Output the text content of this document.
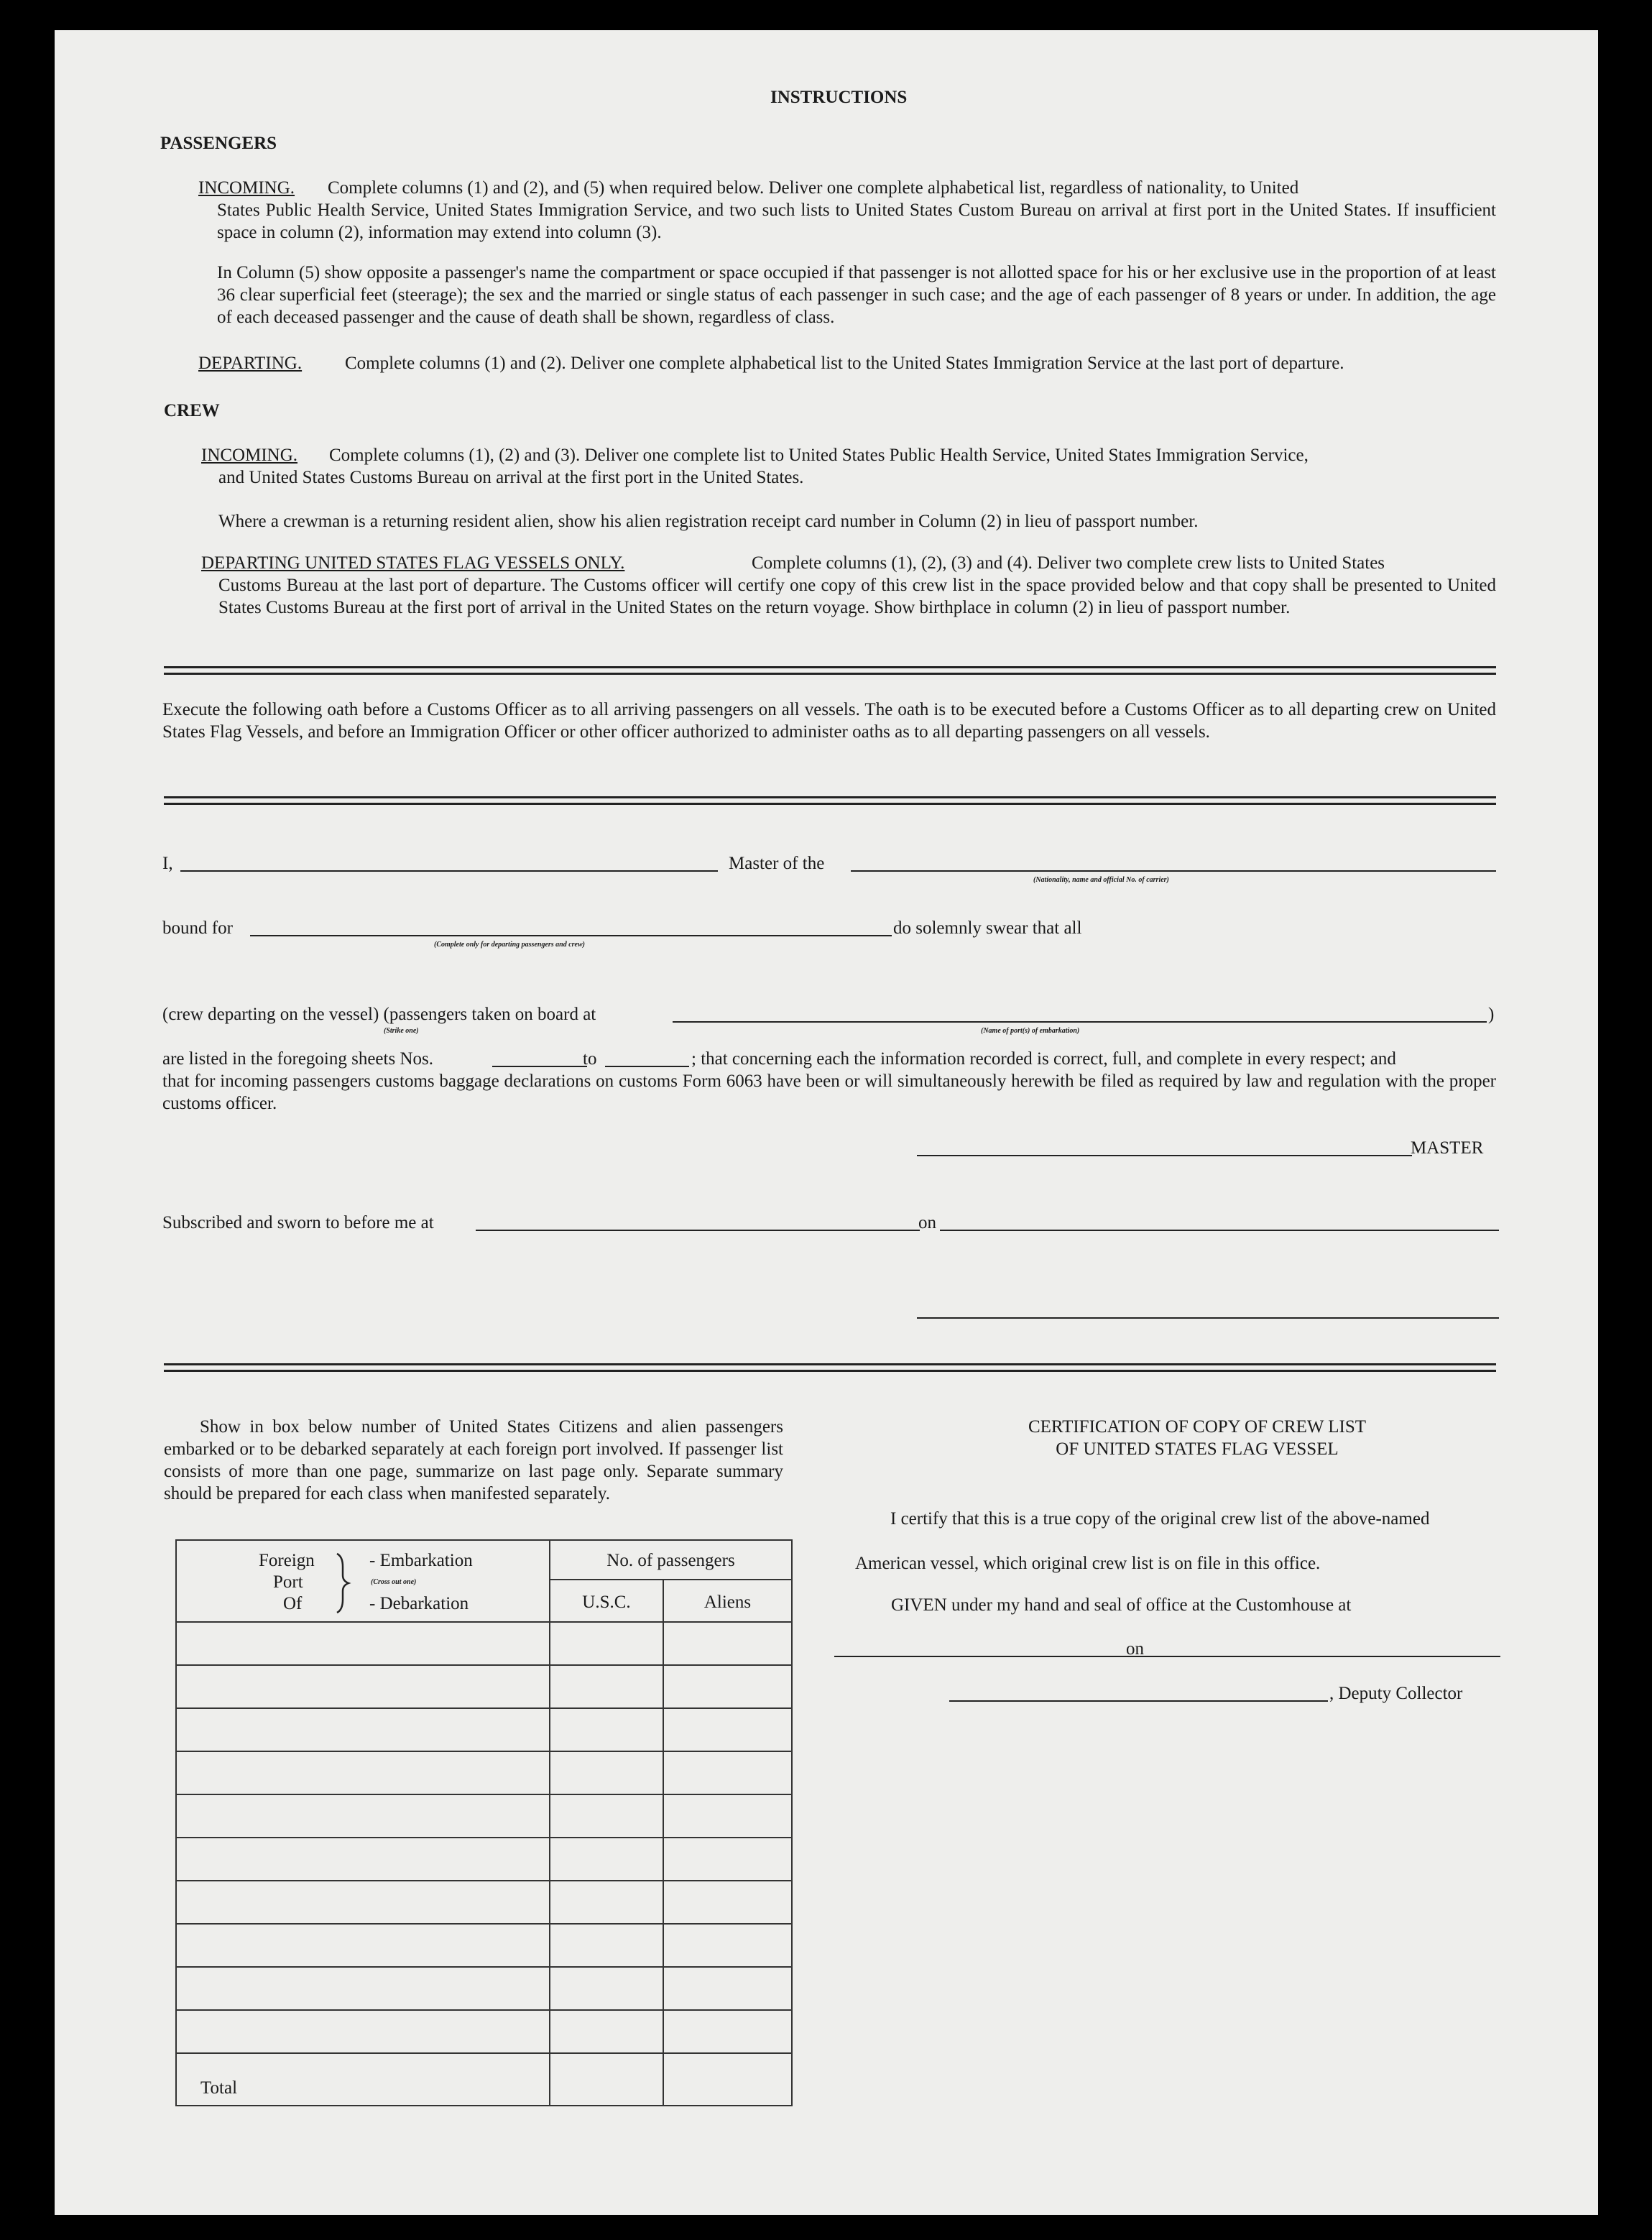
INSTRUCTIONS
PASSENGERS
INCOMING. Complete columns (1) and (2), and (5) when required below. Deliver one complete alphabetical list, regardless of nationality, to United
States Public Health Service, United States Immigration Service, and two such lists to United States Custom Bureau on arrival at first port in the United States. If insufficient space in column (2), information may extend into column (3).
In Column (5) show opposite a passenger's name the compartment or space occupied if that passenger is not allotted space for his or her exclusive use in the proportion of at least 36 clear superficial feet (steerage); the sex and the married or single status of each passenger in such case; and the age of each passenger of 8 years or under. In addition, the age of each deceased passenger and the cause of death shall be shown, regardless of class.
DEPARTING. Complete columns (1) and (2). Deliver one complete alphabetical list to the United States Immigration Service at the last port of departure.
CREW
INCOMING. Complete columns (1), (2) and (3). Deliver one complete list to United States Public Health Service, United States Immigration Service,
and United States Customs Bureau on arrival at the first port in the United States.
Where a crewman is a returning resident alien, show his alien registration receipt card number in Column (2) in lieu of passport number.
DEPARTING UNITED STATES FLAG VESSELS ONLY.	Complete columns (1), (2), (3) and (4). Deliver two complete crew lists to United States
Customs Bureau at the last port of departure. The Customs officer will certify one copy of this crew list in the space provided below and that copy shall be presented to United States Customs Bureau at the first port of arrival in the United States on the return voyage. Show birthplace in column (2) in lieu of passport number.
Execute the following oath before a Customs Officer as to all arriving passengers on all vessels. The oath is to be executed before a Customs Officer as to all departing crew on United States Flag Vessels, and before an Immigration Officer or other officer authorized to administer oaths as to all departing passengers on all vessels.
I,	Master of the
(Nationality, name and official No. of carrier)
bound for	do solemnly swear that all
(Complete only for departing passengers and crew)
(crew departing on the vessel) (passengers taken on board at	)
(Strike one)	(Name of port(s) of embarkation)
are listed in the foregoing sheets Nos.	to	; that concerning each the information recorded is correct, full, and complete in every respect; and
that for incoming passengers customs baggage declarations on customs Form 6063 have been or will simultaneously herewith be filed as required by law and regulation with the proper customs officer.
MASTER
Subscribed and sworn to before me at	on
Show in box below number of United States Citizens and alien passengers embarked or to be debarked separately at each foreign port involved. If passenger list consists of more than one page, summarize on last page only. Separate summary should be prepared for each class when manifested separately.
Foreign
Port
Of
- Embarkation
(Cross out one)
- Debarkation
No. of passengers
U.S.C.	Aliens
Total
CERTIFICATION OF COPY OF CREW LIST
OF UNITED STATES FLAG VESSEL
I certify that this is a true copy of the original crew list of the above-named
American vessel, which original crew list is on file in this office.
GIVEN under my hand and seal of office at the Customhouse at
on
, Deputy Collector
